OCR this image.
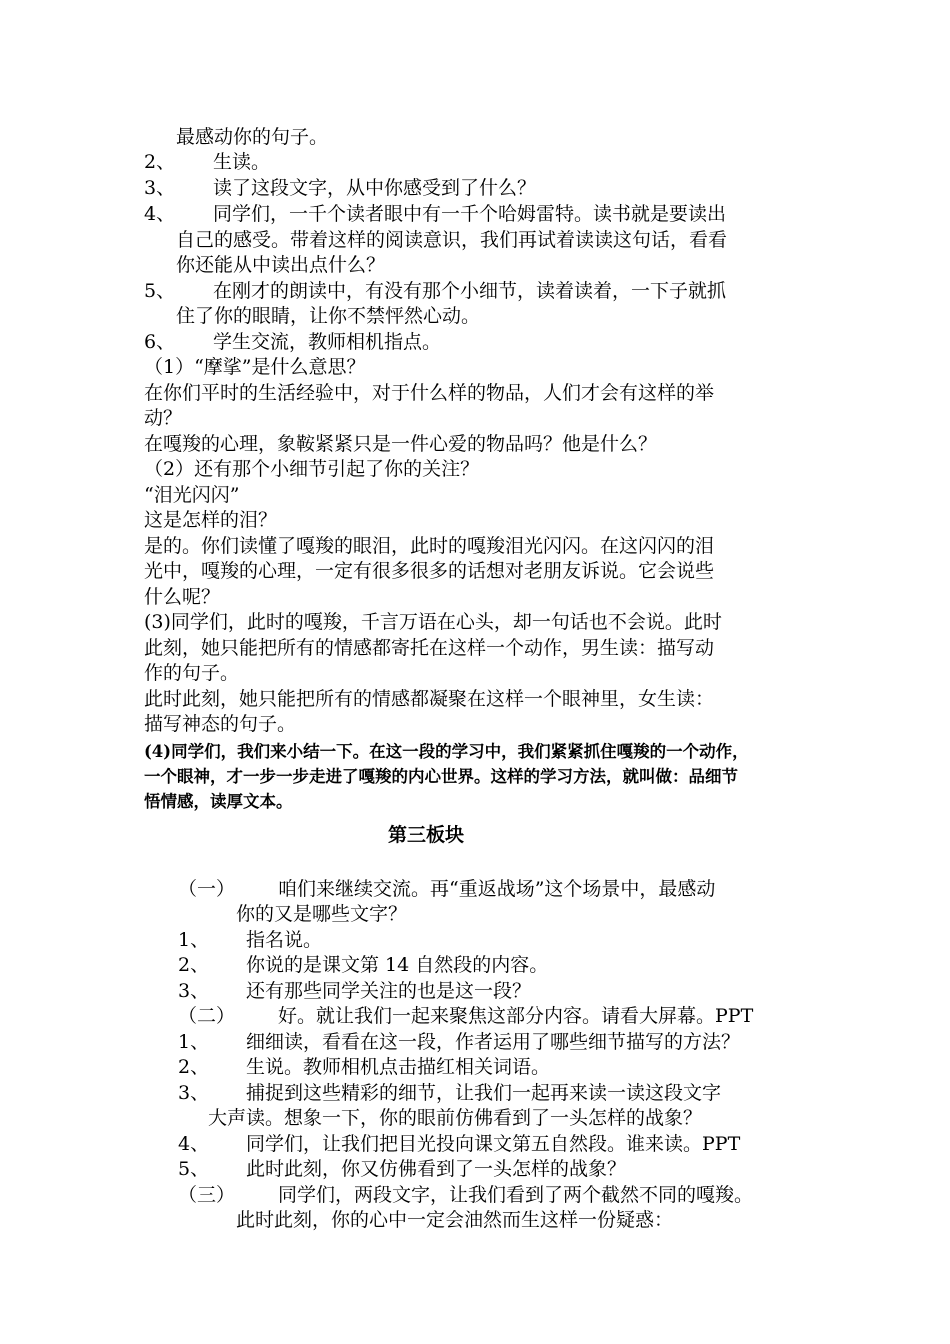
最感动你的句子。
2、 生读。
3、 读了这段文字，从中你感受到了什么？
4、 同学们，一千个读者眼中有一千个哈姆雷特。读书就是要读出
自己的感受。带着这样的阅读意识，我们再试着读读这句话，看看
你还能从中读出点什么？
5、 在刚才的朗读中，有没有那个小细节，读着读着，一下子就抓
住了你的眼睛，让你不禁怦然心动。
6、 学生交流，教师相机指点。
（1）“摩挲”是什么意思？
在你们平时的生活经验中，对于什么样的物品，人们才会有这样的举
动？
在嘎羧的心理，象鞍紧紧只是一件心爱的物品吗？他是什么？
（2）还有那个小细节引起了你的关注？
“泪光闪闪”
这是怎样的泪？
是的。你们读懂了嘎羧的眼泪，此时的嘎羧泪光闪闪。在这闪闪的泪
光中，嘎羧的心理，一定有很多很多的话想对老朋友诉说。它会说些
什么呢？
(3)同学们，此时的嘎羧，千言万语在心头，却一句话也不会说。此时
此刻，她只能把所有的情感都寄托在这样一个动作，男生读：描写动
作的句子。
此时此刻，她只能把所有的情感都凝聚在这样一个眼神里，女生读：
描写神态的句子。
(4)同学们，我们来小结一下。在这一段的学习中，我们紧紧抓住嘎羧的一个动作，
一个眼神，才一步一步走进了嘎羧的内心世界。这样的学习方法，就叫做：品细节
悟情感，读厚文本。
第三板块
（一） 咱们来继续交流。再“重返战场”这个场景中，最感动
你的又是哪些文字？
1、 指名说。
2、 你说的是课文第 14 自然段的内容。
3、 还有那些同学关注的也是这一段？
（二） 好。就让我们一起来聚焦这部分内容。请看大屏幕。PPT
1、 细细读，看看在这一段，作者运用了哪些细节描写的方法？
2、 生说。教师相机点击描红相关词语。
3、 捕捉到这些精彩的细节，让我们一起再来读一读这段文字
大声读。想象一下，你的眼前仿佛看到了一头怎样的战象？
4、 同学们，让我们把目光投向课文第五自然段。谁来读。PPT
5、 此时此刻，你又仿佛看到了一头怎样的战象？
（三） 同学们，两段文字，让我们看到了两个截然不同的嘎羧。
此时此刻，你的心中一定会油然而生这样一份疑惑：
